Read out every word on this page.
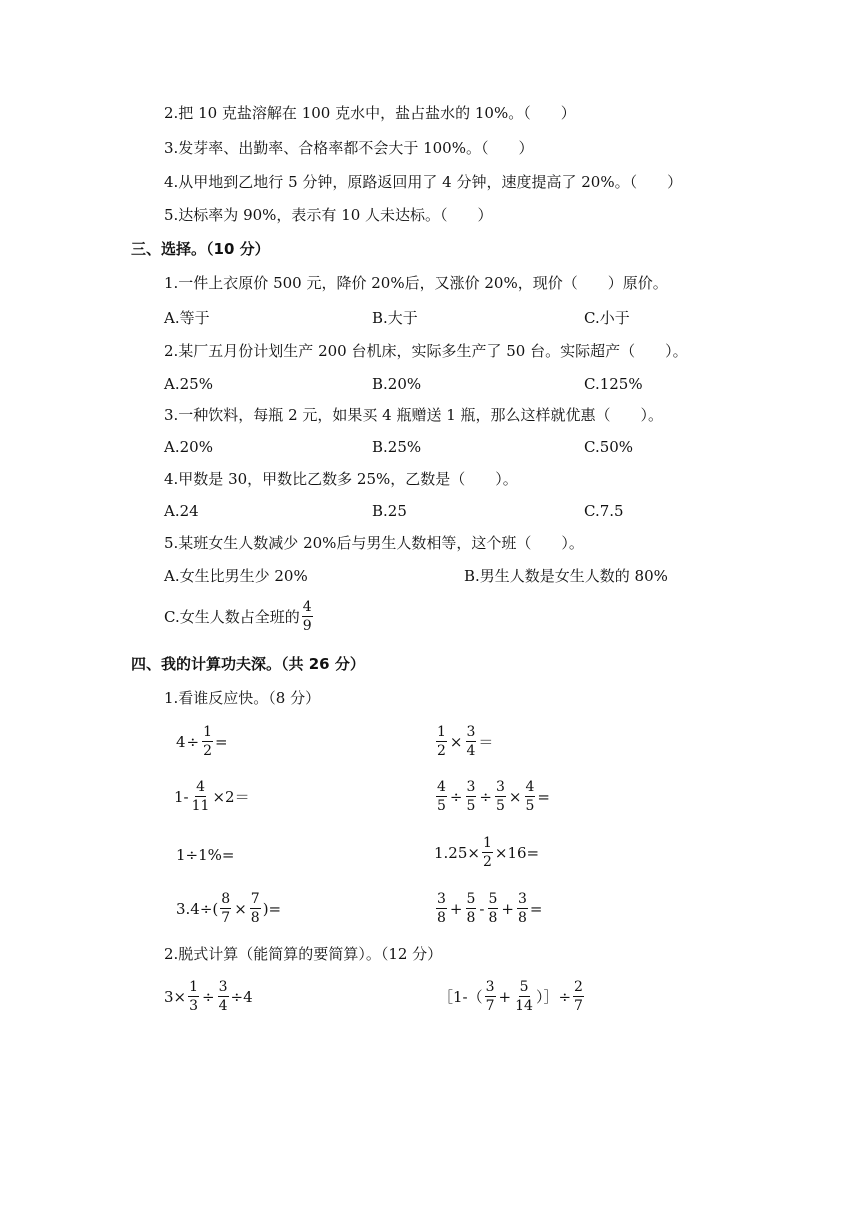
2.把 10 克盐溶解在 100 克水中，盐占盐水的 10%。（　　）
3.发芽率、出勤率、合格率都不会大于 100%。（　　）
4.从甲地到乙地行 5 分钟，原路返回用了 4 分钟，速度提高了 20%。（　　）
5.达标率为 90%，表示有 10 人未达标。（　　）
三、选择。（10 分）
1.一件上衣原价 500 元，降价 20%后，又涨价 20%，现价（　　）原价。
A.等于	B.大于	C.小于
2.某厂五月份计划生产 200 台机床，实际多生产了 50 台。实际超产（　　）。
A.25%	B.20%	C.125%
3.一种饮料，每瓶 2 元，如果买 4 瓶赠送 1 瓶，那么这样就优惠（　　）。
A.20%	B.25%	C.50%
4.甲数是 30，甲数比乙数多 25%，乙数是（　　）。
A.24	B.25	C.7.5
5.某班女生人数减少 20%后与男生人数相等，这个班（　　）。
A.女生比男生少 20%	B.男生人数是女生人数的 80%
C.女生人数占全班的 $\frac{4}{9}$
四、我的计算功夫深。（共 26 分）
1.看谁反应快。（8 分）
$4 \div \frac{1}{2}$ =	$\frac{1}{2} \times \frac{3}{4}$ ＝
$1- \frac{4}{11} \times 2=$	$\frac{4}{5} \div \frac{3}{5} \div \frac{3}{5} \times \frac{4}{5}$ =
1÷1%=	$1.25\times \frac{1}{2} \times 16=$
$3.4\div( \frac{8}{7} \times \frac{7}{8}$ )=	$\frac{3}{8} + \frac{5}{8} - \frac{5}{8} + \frac{3}{8}$ =
2.脱式计算（能简算的要简算）。（12 分）
$3\times \frac{1}{3} \div \frac{3}{4} \div 4$	［1-（ $\frac{3}{7} + \frac{5}{14}$ ）］÷ $\frac{2}{7}$
